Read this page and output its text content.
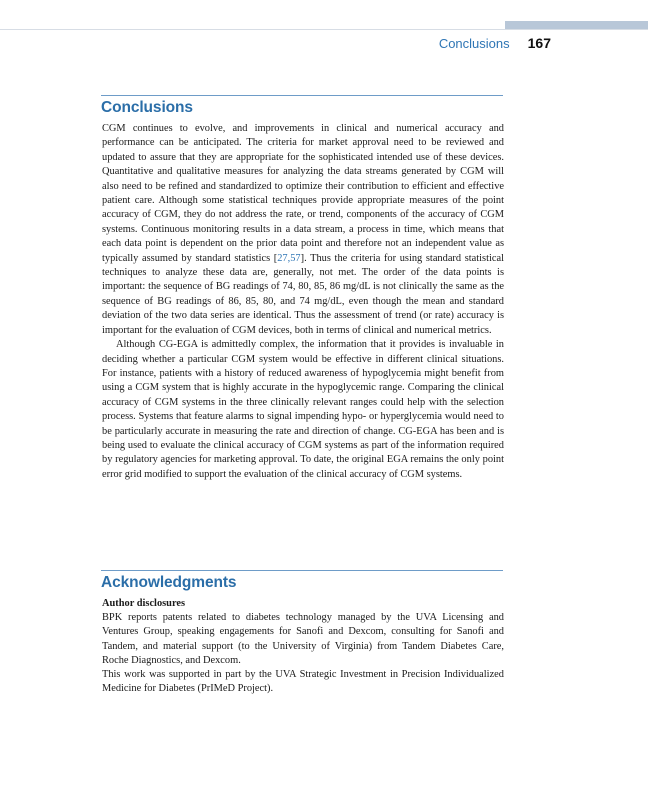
Conclusions 167
Conclusions

CGM continues to evolve, and improvements in clinical and numerical accuracy and performance can be anticipated. The criteria for market approval need to be reviewed and updated to assure that they are appropriate for the sophisticated intended use of these devices. Quantitative and qualitative measures for analyzing the data streams generated by CGM will also need to be refined and standardized to optimize their contribution to efficient and effective patient care. Although some statistical techniques provide appropriate measures of the point accuracy of CGM, they do not address the rate, or trend, components of the accuracy of CGM systems. Continuous monitoring results in a data stream, a process in time, which means that each data point is dependent on the prior data point and therefore not an independent value as typically assumed by standard statistics [27,57]. Thus the criteria for using standard statistical techniques to analyze these data are, generally, not met. The order of the data points is important: the sequence of BG readings of 74, 80, 85, 86 mg/dL is not clinically the same as the sequence of BG readings of 86, 85, 80, and 74 mg/dL, even though the mean and standard deviation of the two data series are identical. Thus the assessment of trend (or rate) accuracy is important for the evaluation of CGM devices, both in terms of clinical and numerical metrics.

Although CG-EGA is admittedly complex, the information that it provides is invaluable in deciding whether a particular CGM system would be effective in different clinical situations. For instance, patients with a history of reduced awareness of hypoglycemia might benefit from using a CGM system that is highly accurate in the hypoglycemic range. Comparing the clinical accuracy of CGM systems in the three clinically relevant ranges could help with the selection process. Systems that feature alarms to signal impending hypo- or hyperglycemia would need to be particularly accurate in measuring the rate and direction of change. CG-EGA has been and is being used to evaluate the clinical accuracy of CGM systems as part of the information required by regulatory agencies for marketing approval. To date, the original EGA remains the only point error grid modified to support the evaluation of the clinical accuracy of CGM systems.

Acknowledgments

Author disclosures

BPK reports patents related to diabetes technology managed by the UVA Licensing and Ventures Group, speaking engagements for Sanofi and Dexcom, consulting for Sanofi and Tandem, and material support (to the University of Virginia) from Tandem Diabetes Care, Roche Diagnostics, and Dexcom.

This work was supported in part by the UVA Strategic Investment in Precision Individualized Medicine for Diabetes (PrIMeD Project).
